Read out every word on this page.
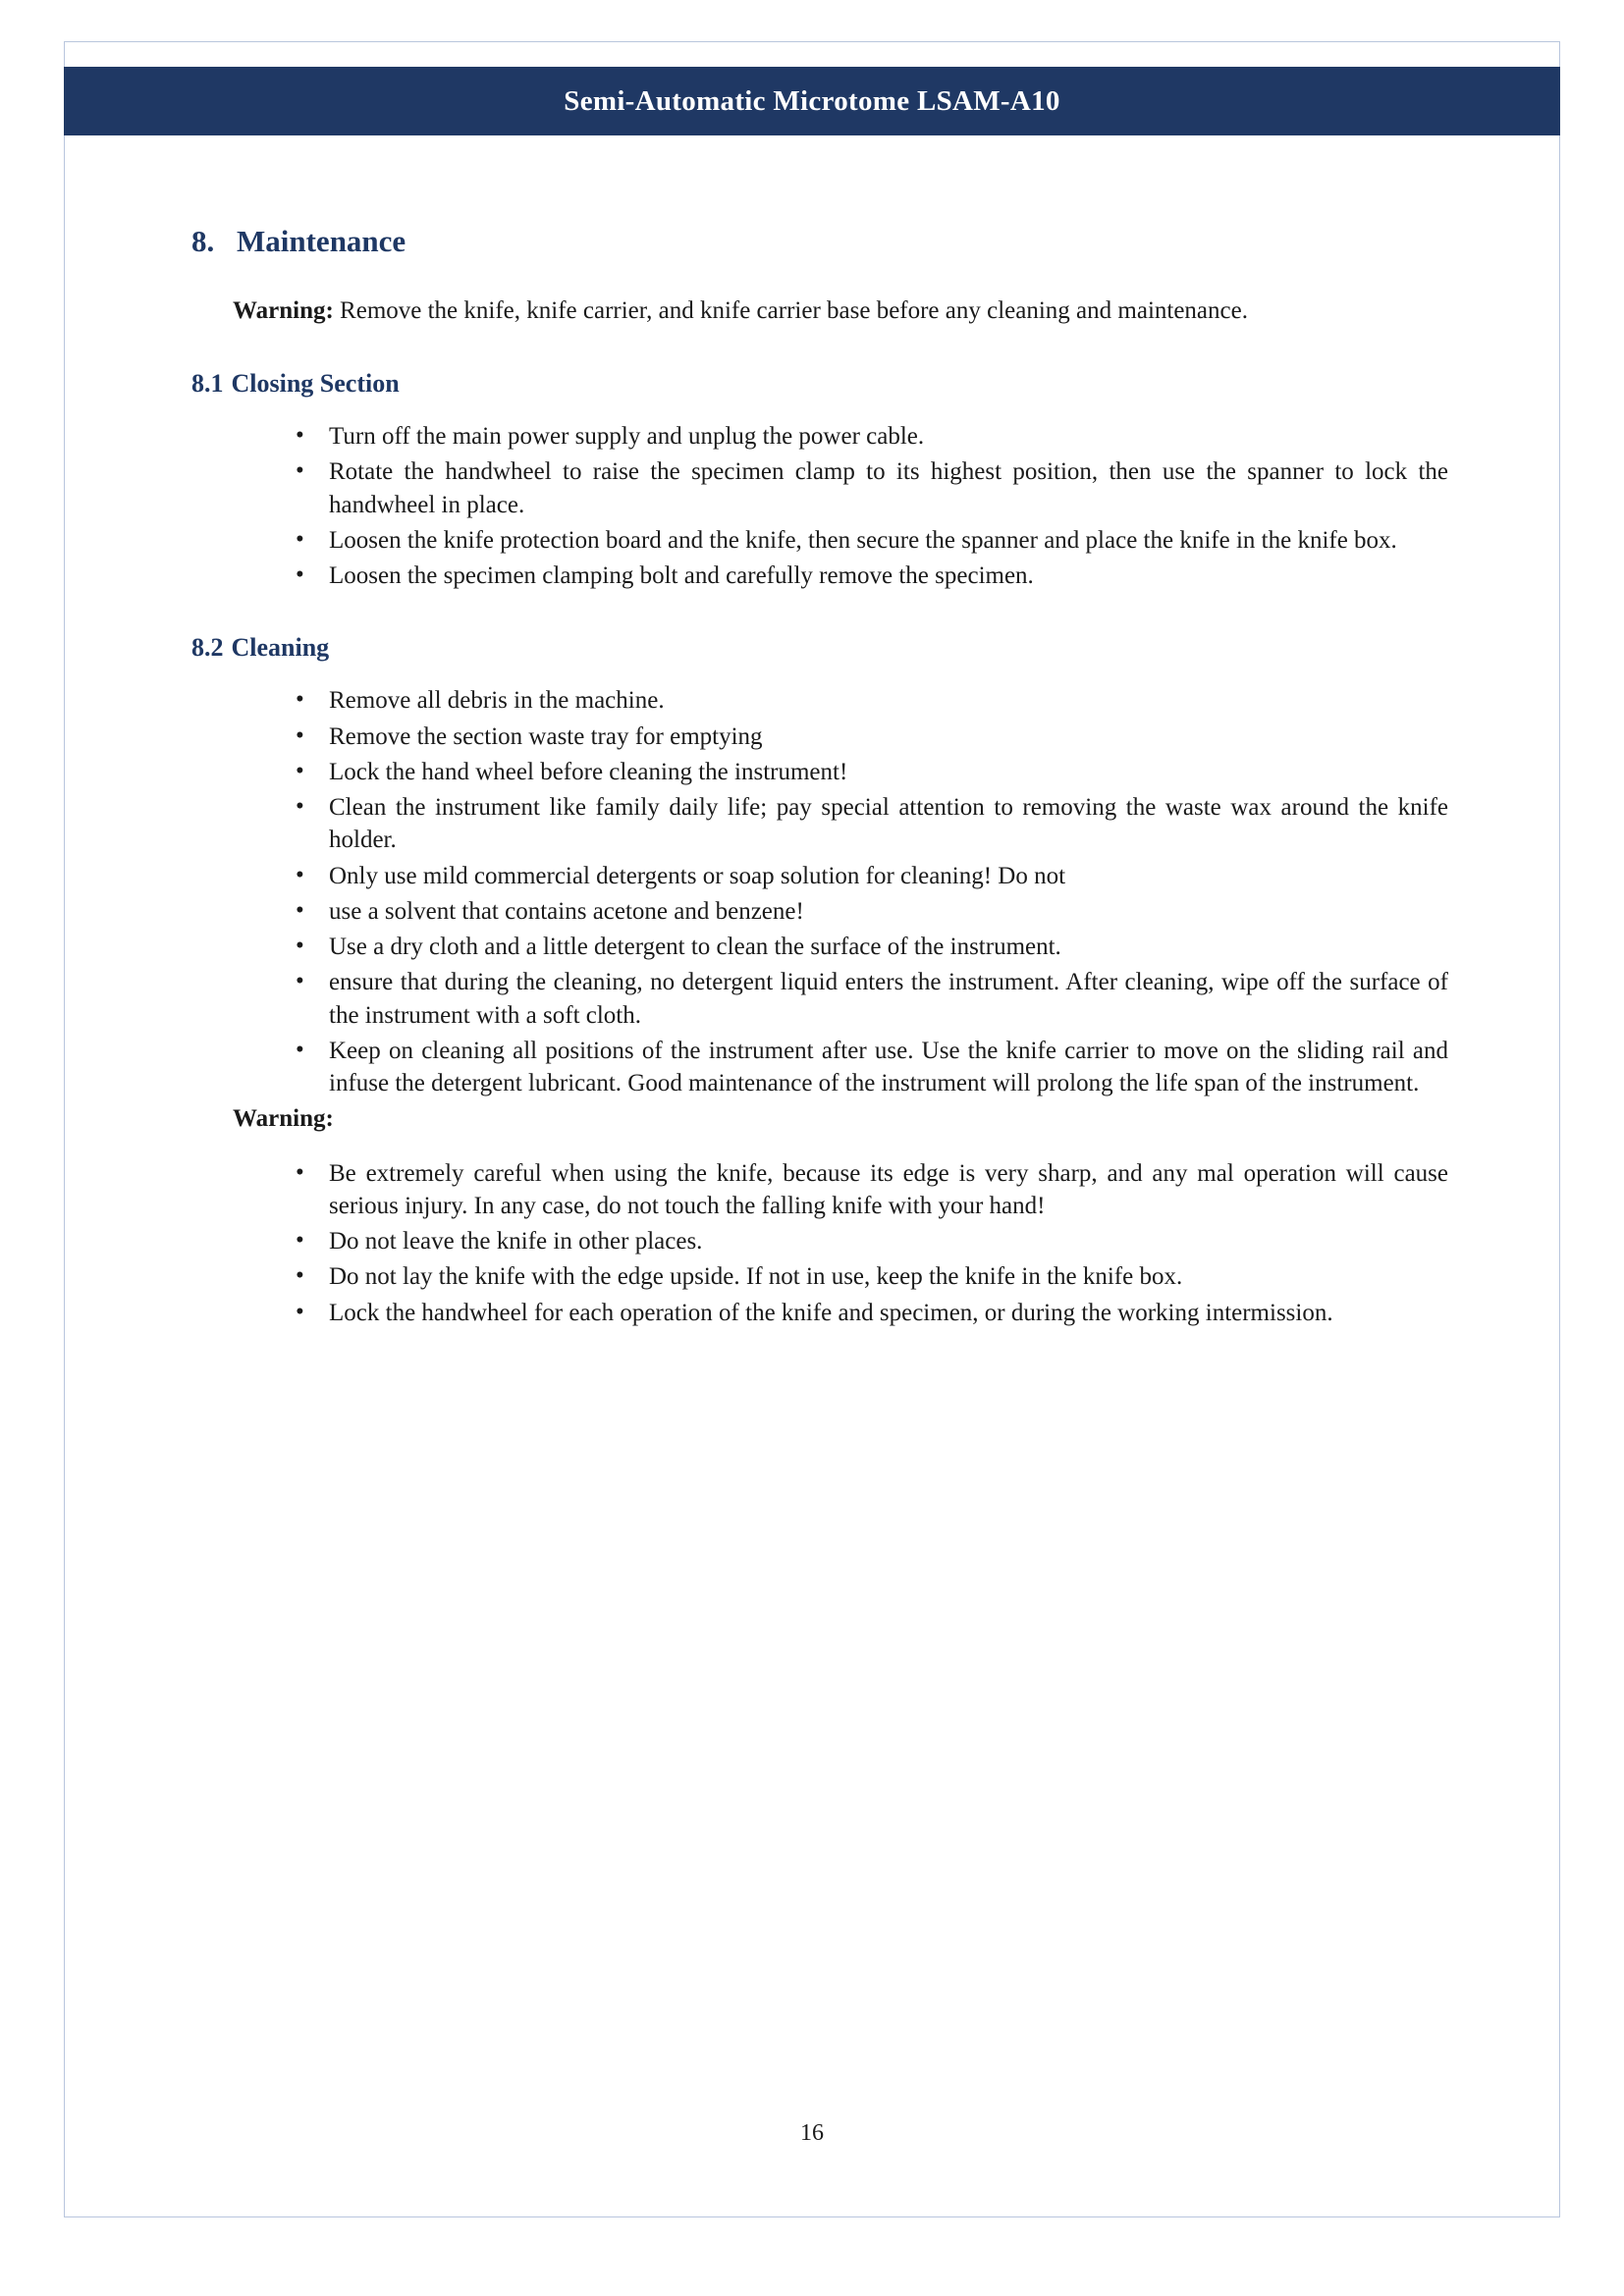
Semi-Automatic Microtome LSAM-A10
8. Maintenance

Warning: Remove the knife, knife carrier, and knife carrier base before any cleaning and maintenance.

8.1 Closing Section
• Turn off the main power supply and unplug the power cable.
• Rotate the handwheel to raise the specimen clamp to its highest position, then use the spanner to lock the handwheel in place.
• Loosen the knife protection board and the knife, then secure the spanner and place the knife in the knife box.
• Loosen the specimen clamping bolt and carefully remove the specimen.
8.2 Cleaning
• Remove all debris in the machine.
• Remove the section waste tray for emptying
• Lock the hand wheel before cleaning the instrument!
• Clean the instrument like family daily life; pay special attention to removing the waste wax around the knife holder.
• Only use mild commercial detergents or soap solution for cleaning! Do not
• use a solvent that contains acetone and benzene!
• Use a dry cloth and a little detergent to clean the surface of the instrument.
• ensure that during the cleaning, no detergent liquid enters the instrument. After cleaning, wipe off the surface of the instrument with a soft cloth.
• Keep on cleaning all positions of the instrument after use. Use the knife carrier to move on the sliding rail and infuse the detergent lubricant. Good maintenance of the instrument will prolong the life span of the instrument.
Warning:
• Be extremely careful when using the knife, because its edge is very sharp, and any mal operation will cause serious injury. In any case, do not touch the falling knife with your hand!
• Do not leave the knife in other places.
• Do not lay the knife with the edge upside. If not in use, keep the knife in the knife box.
• Lock the handwheel for each operation of the knife and specimen, or during the working intermission.
16
